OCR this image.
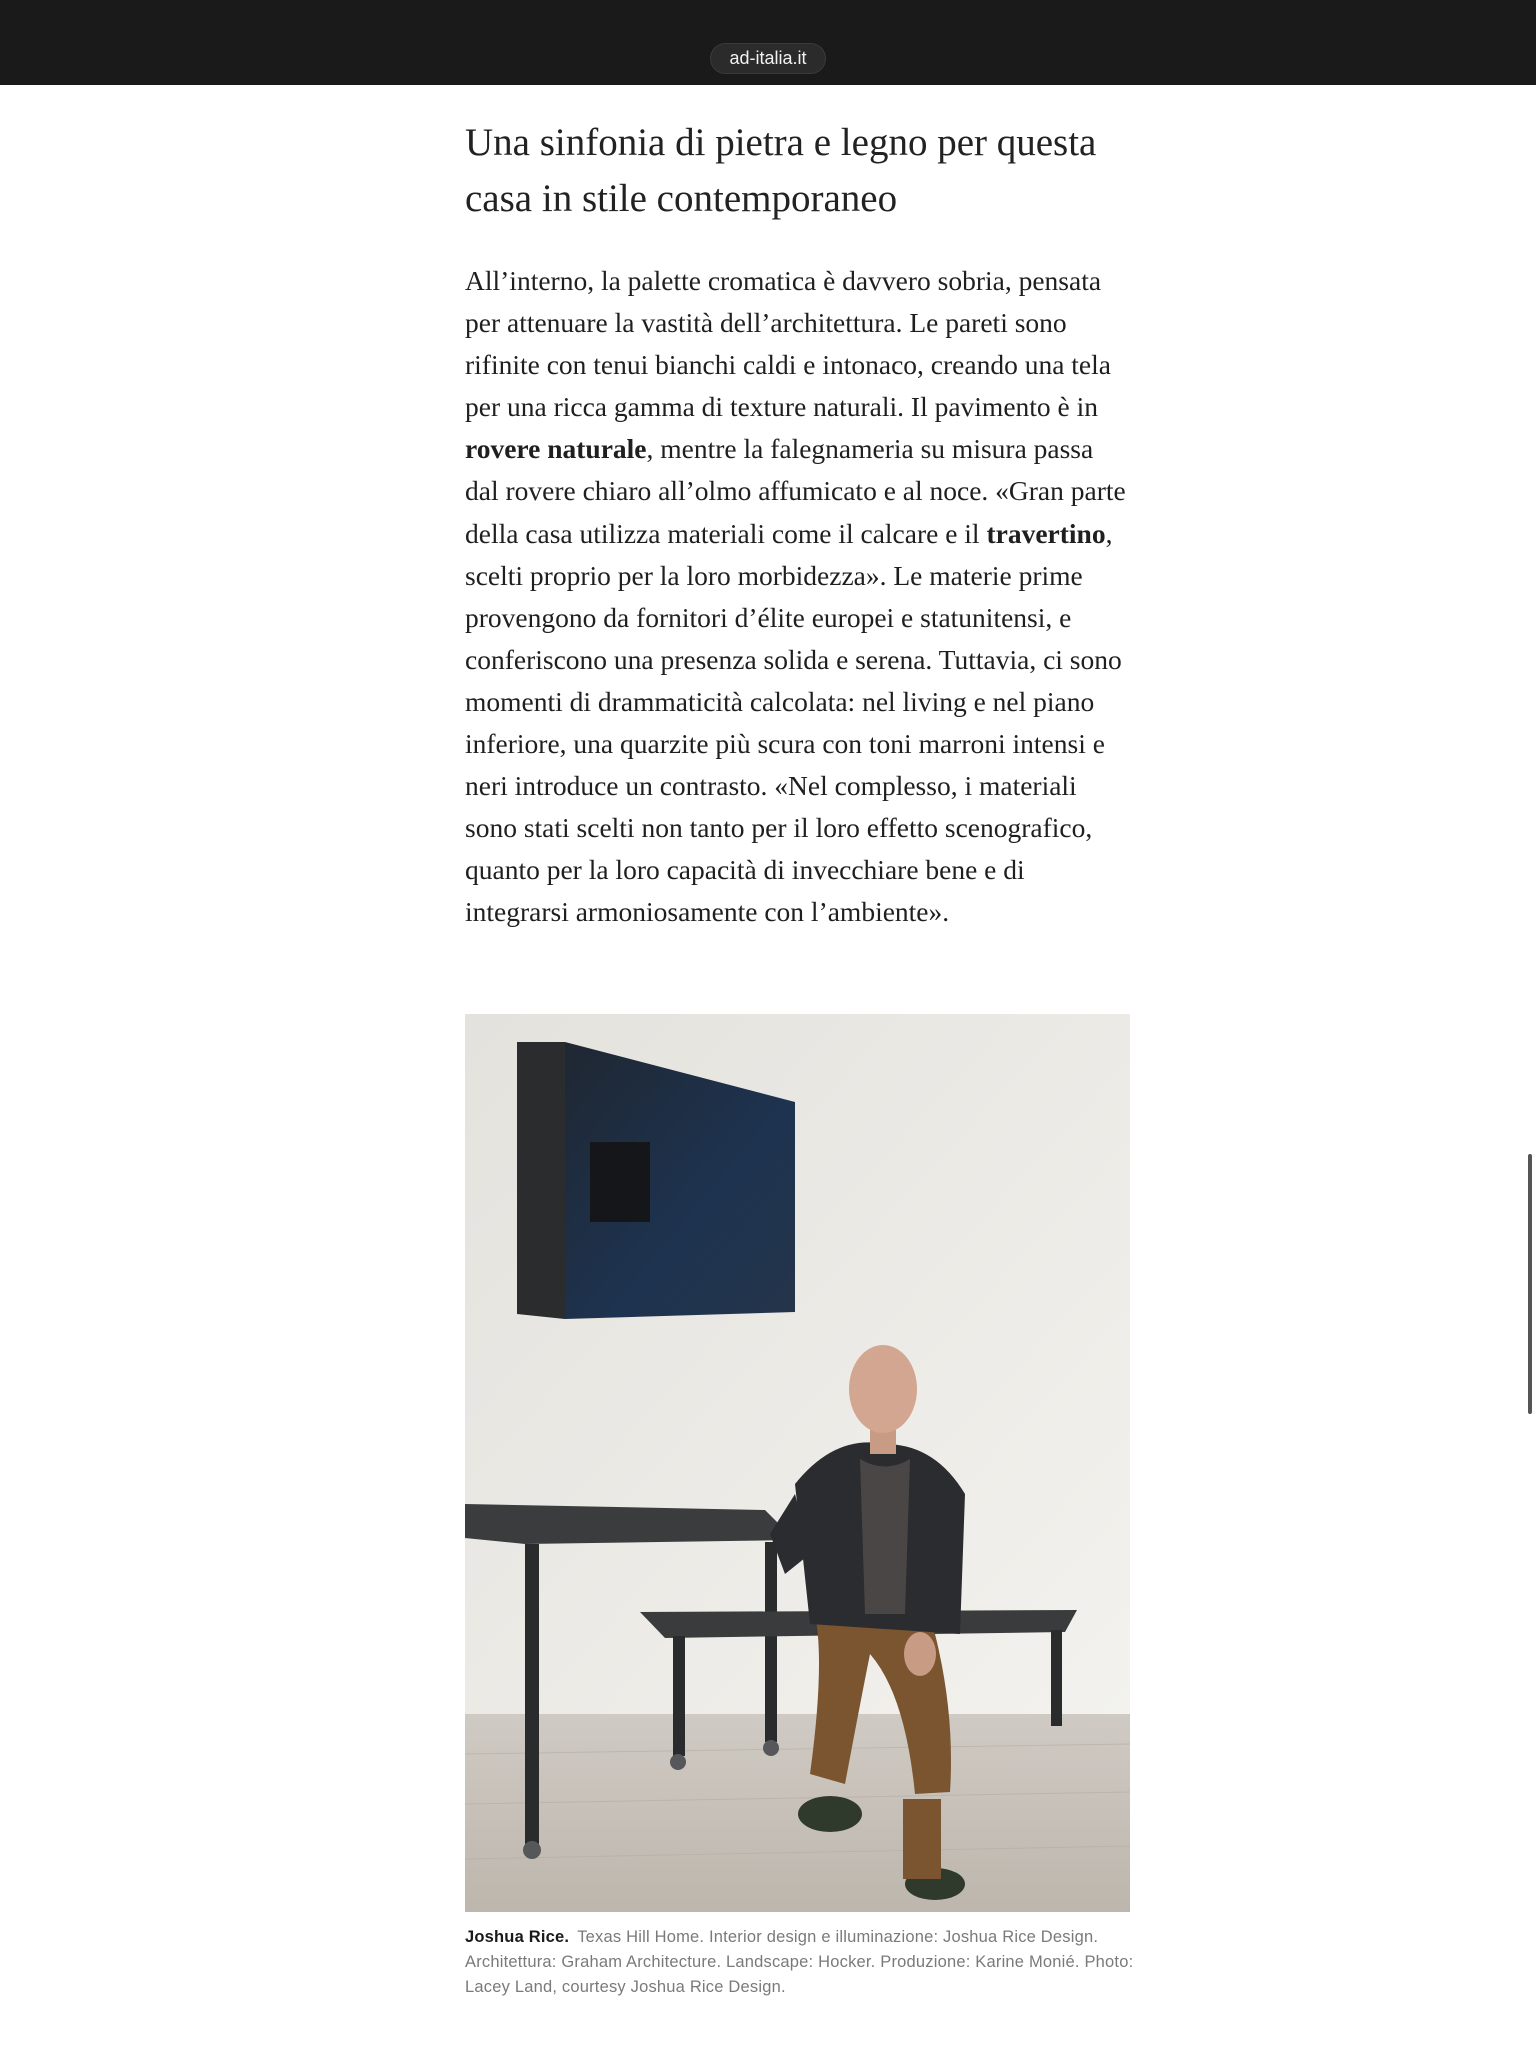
ad-italia.it
Una sinfonia di pietra e legno per questa casa in stile contemporaneo

All’interno, la palette cromatica è davvero sobria, pensata per attenuare la vastità dell’architettura. Le pareti sono rifinite con tenui bianchi caldi e intonaco, creando una tela per una ricca gamma di texture naturali. Il pavimento è in rovere naturale, mentre la falegnameria su misura passa dal rovere chiaro all’olmo affumicato e al noce. «Gran parte della casa utilizza materiali come il calcare e il travertino, scelti proprio per la loro morbidezza». Le materie prime provengono da fornitori d’élite europei e statunitensi, e conferiscono una presenza solida e serena. Tuttavia, ci sono momenti di drammaticità calcolata: nel living e nel piano inferiore, una quarzite più scura con toni marroni intensi e neri introduce un contrasto. «Nel complesso, i materiali sono stati scelti non tanto per il loro effetto scenografico, quanto per la loro capacità di invecchiare bene e di integrarsi armoniosamente con l’ambiente».

Joshua Rice. Texas Hill Home. Interior design e illuminazione: Joshua Rice Design. Architettura: Graham Architecture. Landscape: Hocker. Produzione: Karine Monié. Photo: Lacey Land, courtesy Joshua Rice Design.
